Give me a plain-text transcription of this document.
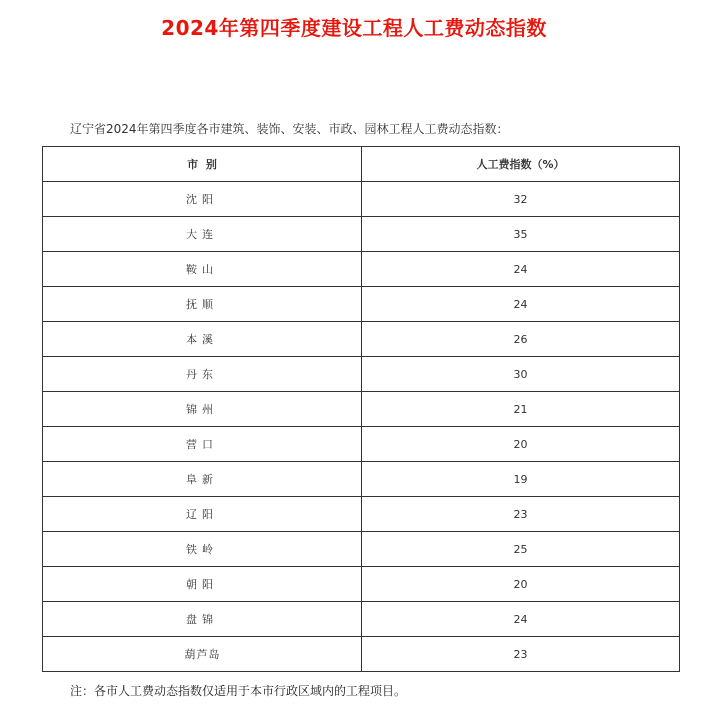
2024年第四季度建设工程人工费动态指数
辽宁省2024年第四季度各市建筑、装饰、安装、市政、园林工程人工费动态指数：
市  别	人工费指数（%）
沈阳	32
大连	35
鞍山	24
抚顺	24
本溪	26
丹东	30
锦州	21
营口	20
阜新	19
辽阳	23
铁岭	25
朝阳	20
盘锦	24
葫芦岛	23
注：各市人工费动态指数仅适用于本市行政区域内的工程项目。
